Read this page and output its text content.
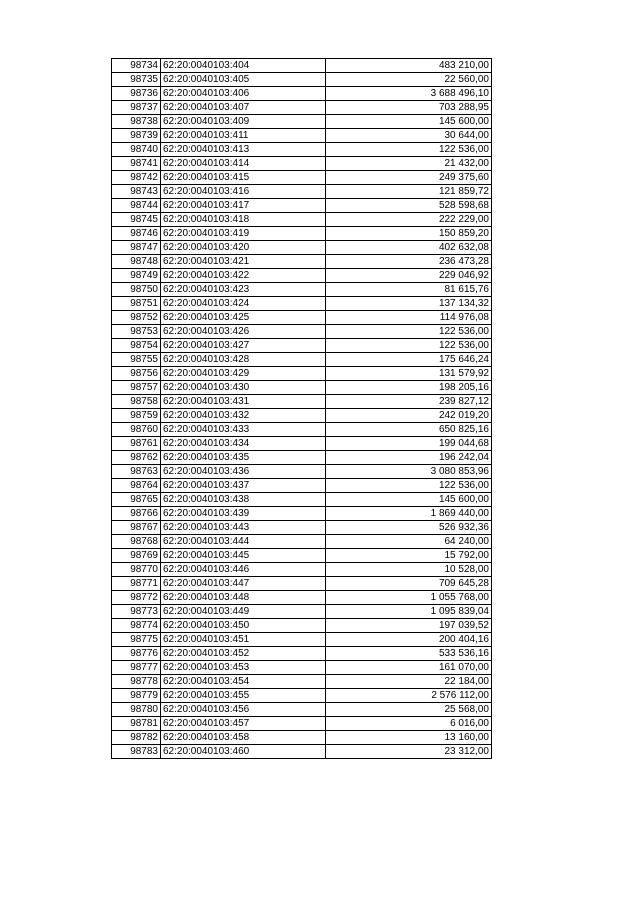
98734	62:20:0040103:404	483 210,00
98735	62:20:0040103:405	22 560,00
98736	62:20:0040103:406	3 688 496,10
98737	62:20:0040103:407	703 288,95
98738	62:20:0040103:409	145 600,00
98739	62:20:0040103:411	30 644,00
98740	62:20:0040103:413	122 536,00
98741	62:20:0040103:414	21 432,00
98742	62:20:0040103:415	249 375,60
98743	62:20:0040103:416	121 859,72
98744	62:20:0040103:417	528 598,68
98745	62:20:0040103:418	222 229,00
98746	62:20:0040103:419	150 859,20
98747	62:20:0040103:420	402 632,08
98748	62:20:0040103:421	236 473,28
98749	62:20:0040103:422	229 046,92
98750	62:20:0040103:423	81 615,76
98751	62:20:0040103:424	137 134,32
98752	62:20:0040103:425	114 976,08
98753	62:20:0040103:426	122 536,00
98754	62:20:0040103:427	122 536,00
98755	62:20:0040103:428	175 646,24
98756	62:20:0040103:429	131 579,92
98757	62:20:0040103:430	198 205,16
98758	62:20:0040103:431	239 827,12
98759	62:20:0040103:432	242 019,20
98760	62:20:0040103:433	650 825,16
98761	62:20:0040103:434	199 044,68
98762	62:20:0040103:435	196 242,04
98763	62:20:0040103:436	3 080 853,96
98764	62:20:0040103:437	122 536,00
98765	62:20:0040103:438	145 600,00
98766	62:20:0040103:439	1 869 440,00
98767	62:20:0040103:443	526 932,36
98768	62:20:0040103:444	64 240,00
98769	62:20:0040103:445	15 792,00
98770	62:20:0040103:446	10 528,00
98771	62:20:0040103:447	709 645,28
98772	62:20:0040103:448	1 055 768,00
98773	62:20:0040103:449	1 095 839,04
98774	62:20:0040103:450	197 039,52
98775	62:20:0040103:451	200 404,16
98776	62:20:0040103:452	533 536,16
98777	62:20:0040103:453	161 070,00
98778	62:20:0040103:454	22 184,00
98779	62:20:0040103:455	2 576 112,00
98780	62:20:0040103:456	25 568,00
98781	62:20:0040103:457	6 016,00
98782	62:20:0040103:458	13 160,00
98783	62:20:0040103:460	23 312,00
